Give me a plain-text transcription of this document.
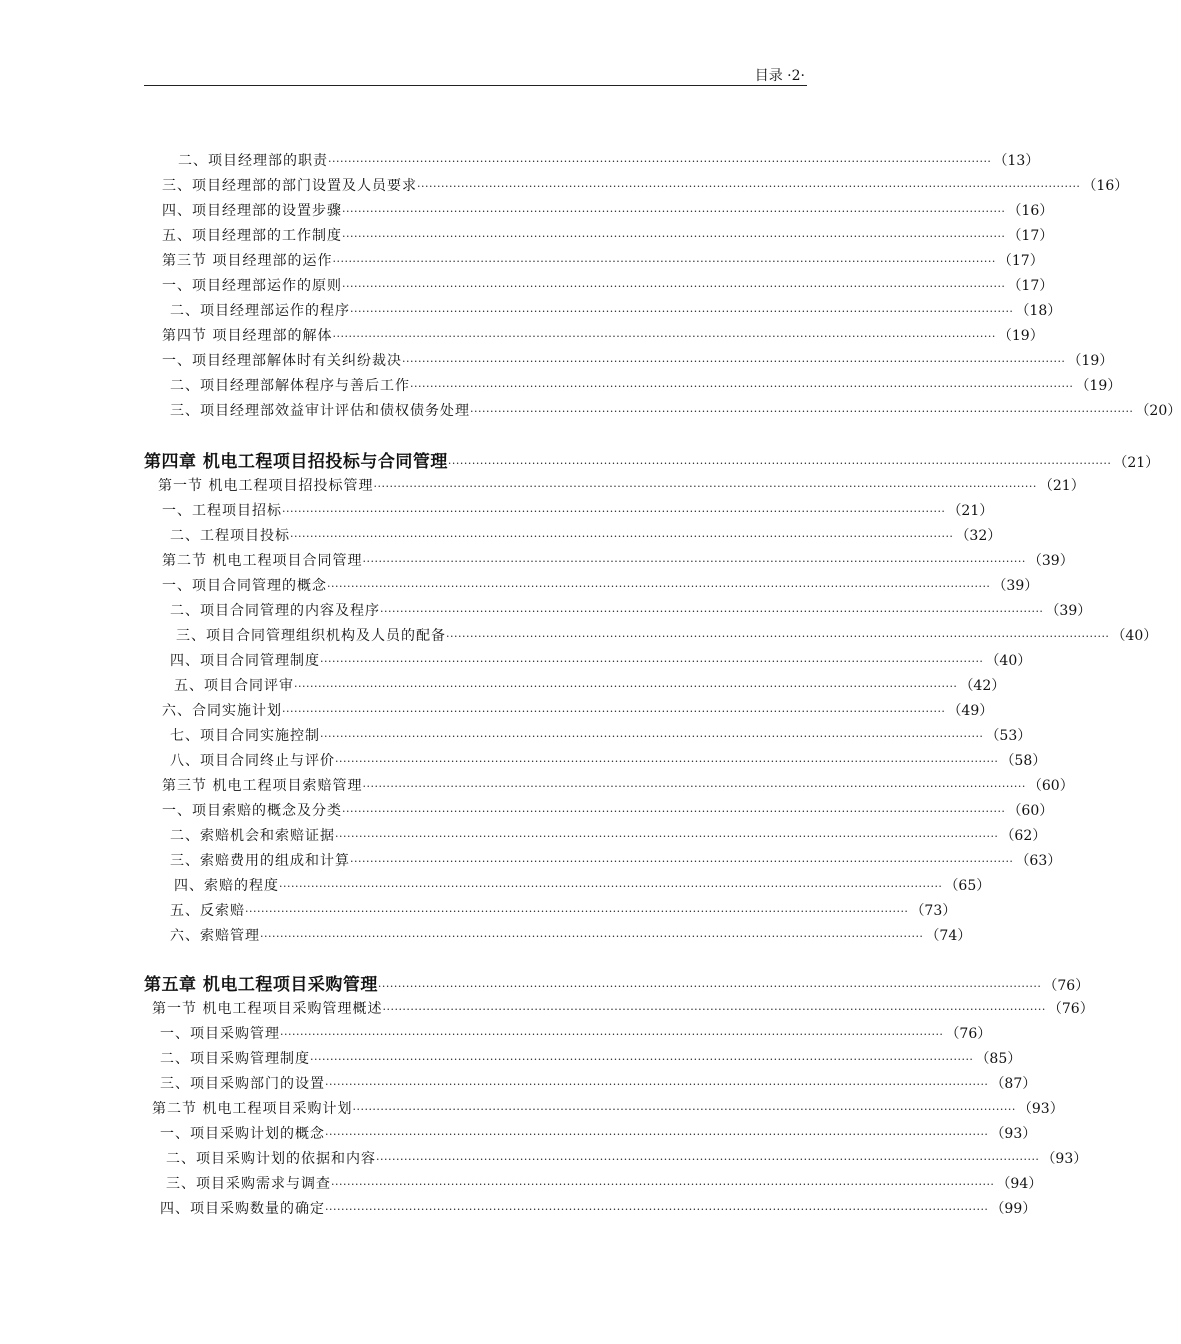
目录 ·2·
二、项目经理部的职责 ······································································································································································ （13）
三、项目经理部的部门设置及人员要求 ······································································································································································ （16）
四、项目经理部的设置步骤 ······································································································································································ （16）
五、项目经理部的工作制度 ······································································································································································ （17）
第三节 项目经理部的运作 ······································································································································································ （17）
一、项目经理部运作的原则 ······································································································································································ （17）
二、项目经理部运作的程序 ······································································································································································ （18）
第四节 项目经理部的解体 ······································································································································································ （19）
一、项目经理部解体时有关纠纷裁决 ······································································································································································ （19）
二、项目经理部解体程序与善后工作 ······································································································································································ （19）
三、项目经理部效益审计评估和债权债务处理 ······································································································································································ （20）
第四章 机电工程项目招投标与合同管理 ······································································································································································ （21）
第一节 机电工程项目招投标管理 ······································································································································································ （21）
一、工程项目招标 ······································································································································································ （21）
二、工程项目投标 ······································································································································································ （32）
第二节 机电工程项目合同管理 ······································································································································································ （39）
一、项目合同管理的概念 ······································································································································································ （39）
二、项目合同管理的内容及程序 ······································································································································································ （39）
三、项目合同管理组织机构及人员的配备 ······································································································································································ （40）
四、项目合同管理制度 ······································································································································································ （40）
五、项目合同评审 ······································································································································································ （42）
六、合同实施计划 ······································································································································································ （49）
七、项目合同实施控制 ······································································································································································ （53）
八、项目合同终止与评价 ······································································································································································ （58）
第三节 机电工程项目索赔管理 ······································································································································································ （60）
一、项目索赔的概念及分类 ······································································································································································ （60）
二、索赔机会和索赔证据 ······································································································································································ （62）
三、索赔费用的组成和计算 ······································································································································································ （63）
四、索赔的程度 ······································································································································································ （65）
五、反索赔 ······································································································································································ （73）
六、索赔管理 ······································································································································································ （74）
第五章 机电工程项目采购管理 ······································································································································································ （76）
第一节 机电工程项目采购管理概述 ······································································································································································ （76）
一、项目采购管理 ······································································································································································ （76）
二、项目采购管理制度 ······································································································································································ （85）
三、项目采购部门的设置 ······································································································································································ （87）
第二节 机电工程项目采购计划 ······································································································································································ （93）
一、项目采购计划的概念 ······································································································································································ （93）
二、项目采购计划的依据和内容 ······································································································································································ （93）
三、项目采购需求与调查 ······································································································································································ （94）
四、项目采购数量的确定 ······································································································································································ （99）
